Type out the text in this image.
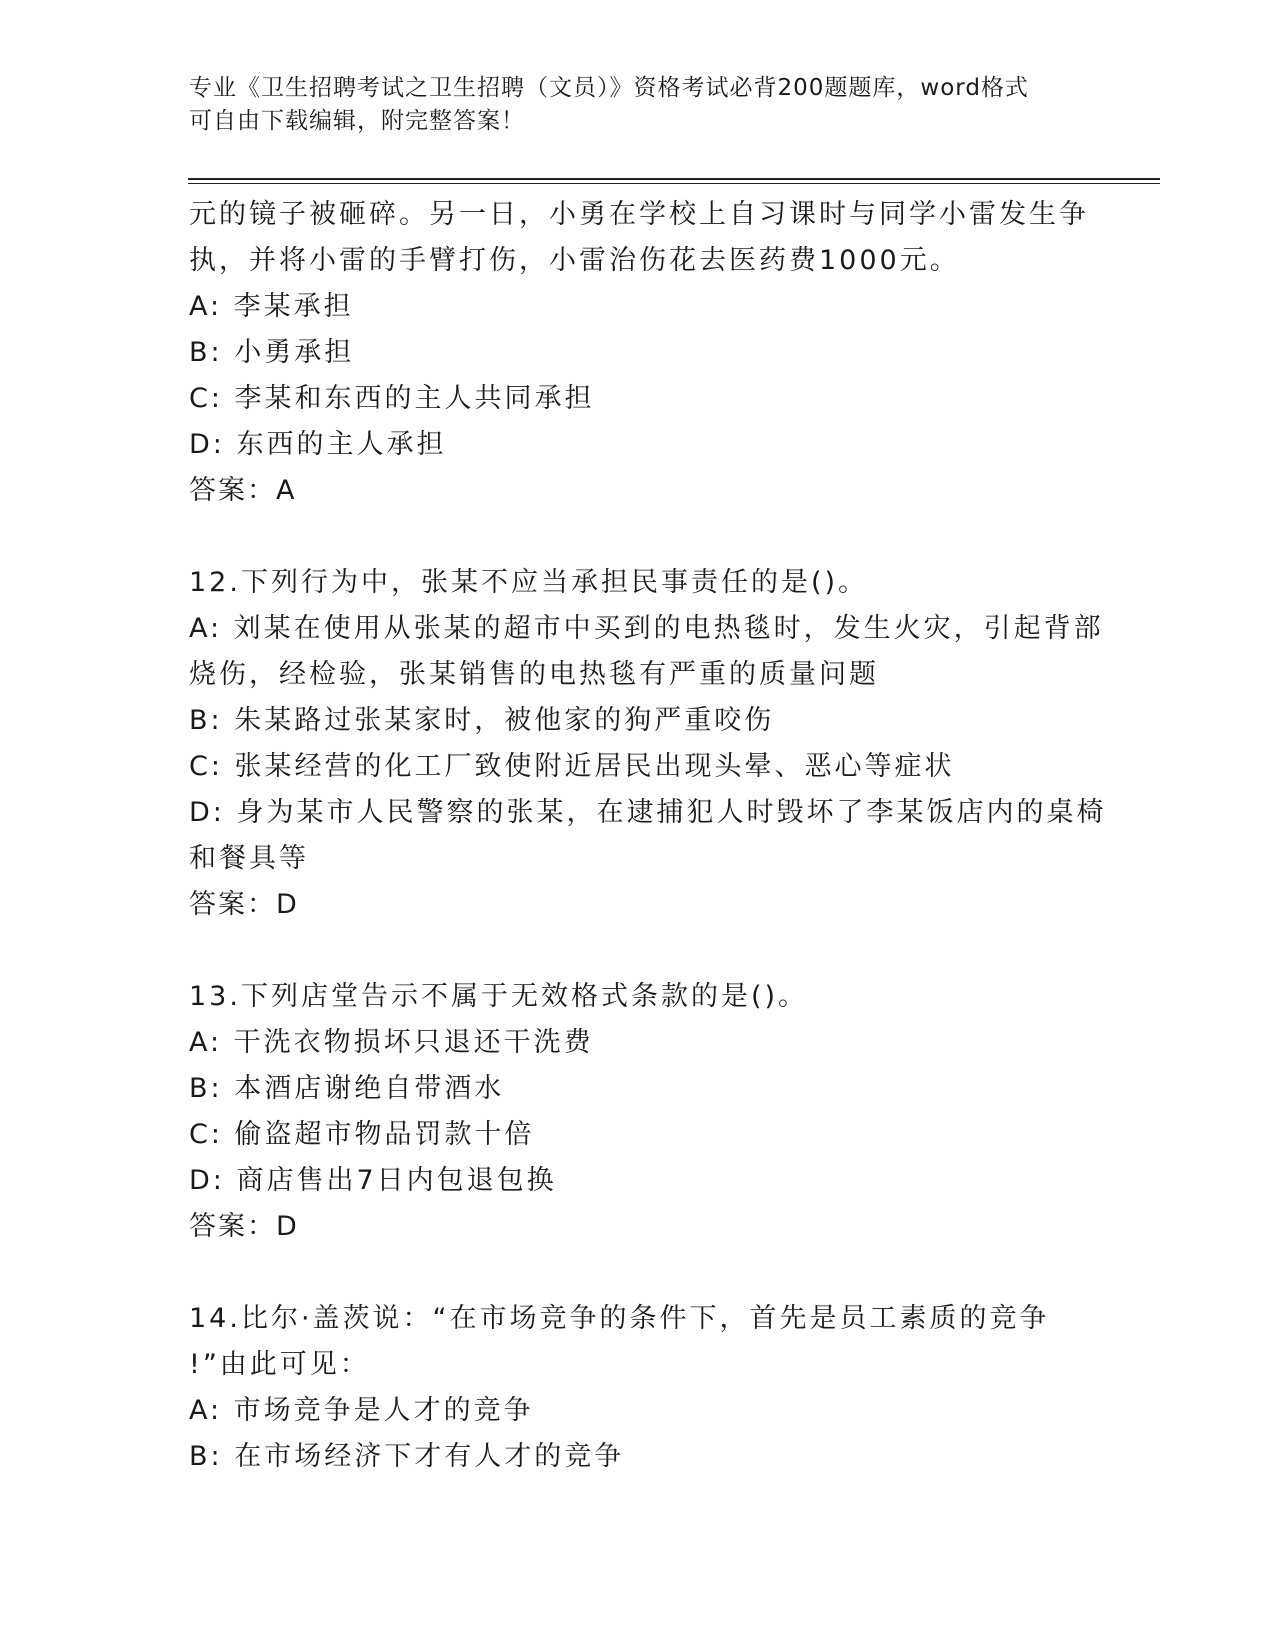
专业《卫生招聘考试之卫生招聘（文员）》资格考试必背200题题库，word格式
可自由下载编辑，附完整答案！
元的镜子被砸碎。另一日，小勇在学校上自习课时与同学小雷发生争
执，并将小雷的手臂打伤，小雷治伤花去医药费1000元。
A: 李某承担
B: 小勇承担
C: 李某和东西的主人共同承担
D: 东西的主人承担
答案：A
12.下列行为中，张某不应当承担民事责任的是()。
A: 刘某在使用从张某的超市中买到的电热毯时，发生火灾，引起背部
烧伤，经检验，张某销售的电热毯有严重的质量问题
B: 朱某路过张某家时，被他家的狗严重咬伤
C: 张某经营的化工厂致使附近居民出现头晕、恶心等症状
D: 身为某市人民警察的张某，在逮捕犯人时毁坏了李某饭店内的桌椅
和餐具等
答案：D
13.下列店堂告示不属于无效格式条款的是()。
A: 干洗衣物损坏只退还干洗费
B: 本酒店谢绝自带酒水
C: 偷盗超市物品罚款十倍
D: 商店售出7日内包退包换
答案：D
14.比尔·盖茨说：“在市场竞争的条件下，首先是员工素质的竞争
!”由此可见：
A: 市场竞争是人才的竞争
B: 在市场经济下才有人才的竞争
